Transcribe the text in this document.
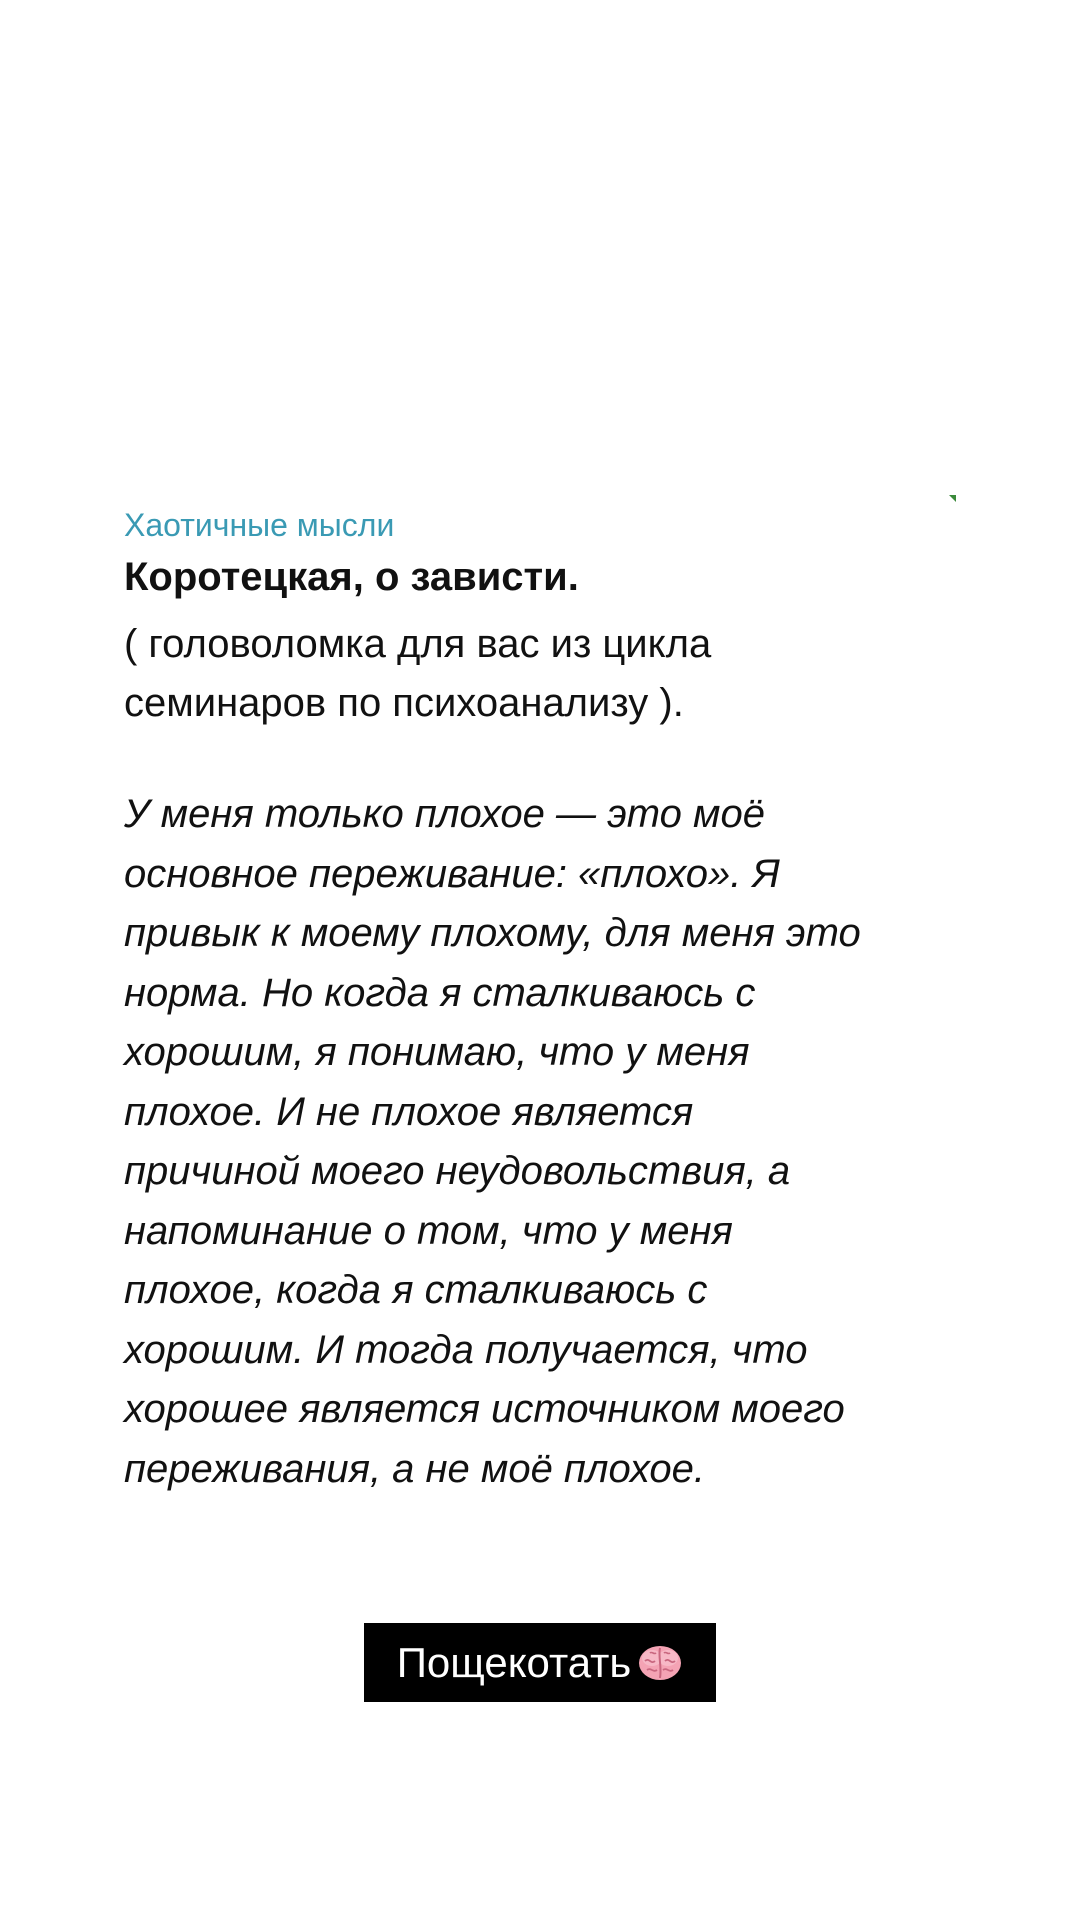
Хаотичные мысли
Коротецкая, о зависти.
( головоломка для вас из цикла
семинаров по психоанализу ).
У меня только плохое — это моё
основное переживание: «плохо». Я
привык к моему плохому, для меня это
норма. Но когда я сталкиваюсь с
хорошим, я понимаю, что у меня
плохое. И не плохое является
причиной моего неудовольствия, а
напоминание о том, что у меня
плохое, когда я сталкиваюсь с
хорошим. И тогда получается, что
хорошее является источником моего
переживания, а не моё плохое.
Пощекотать
